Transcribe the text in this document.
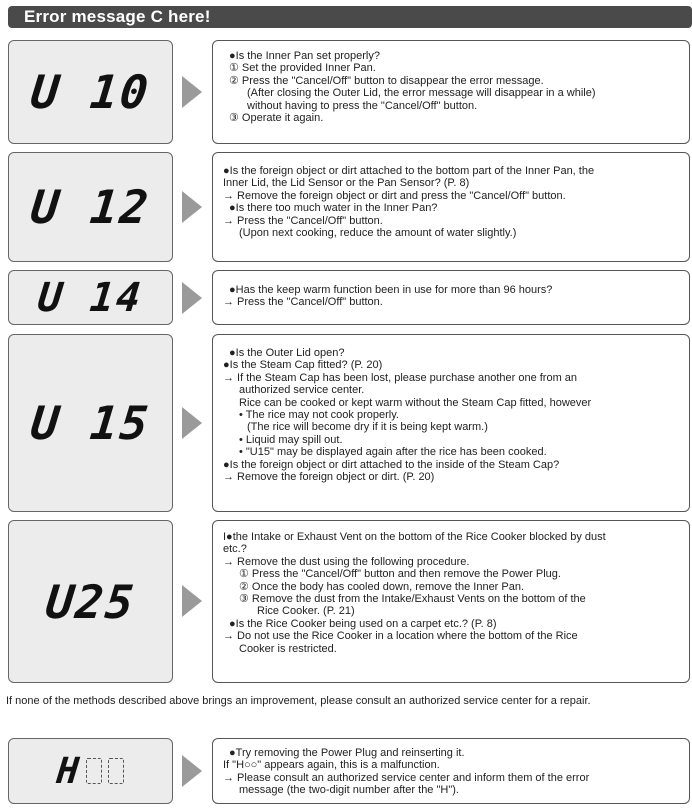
Error message C here!
U 10
●Is the Inner Pan set properly?
① Set the provided Inner Pan.
② Press the "Cancel/Off" button to disappear the error message.
(After closing the Outer Lid, the error message will disappear in a while)
without having to press the "Cancel/Off" button.
③ Operate it again.
U 12
●Is the foreign object or dirt attached to the bottom part of the Inner Pan, the
Inner Lid, the Lid Sensor or the Pan Sensor? (P. 8)
→ Remove the foreign object or dirt and press the "Cancel/Off" button.
●Is there too much water in the Inner Pan?
→ Press the "Cancel/Off" button.
(Upon next cooking, reduce the amount of water slightly.)
U 14	●Has the keep warm function been in use for more than 96 hours?
→ Press the "Cancel/Off" button.
U 15
●Is the Outer Lid open?
●Is the Steam Cap fitted? (P. 20)
→ If the Steam Cap has been lost, please purchase another one from an
authorized service center.
Rice can be cooked or kept warm without the Steam Cap fitted, however
• The rice may not cook properly.
(The rice will become dry if it is being kept warm.)
• Liquid may spill out.
• "U15" may be displayed again after the rice has been cooked.
●Is the foreign object or dirt attached to the inside of the Steam Cap?
→ Remove the foreign object or dirt. (P. 20)
U25
I●the Intake or Exhaust Vent on the bottom of the Rice Cooker blocked by dust
etc.?
→ Remove the dust using the following procedure.
① Press the "Cancel/Off" button and then remove the Power Plug.
② Once the body has cooled down, remove the Inner Pan.
③ Remove the dust from the Intake/Exhaust Vents on the bottom of the
Rice Cooker. (P. 21)
●Is the Rice Cooker being used on a carpet etc.? (P. 8)
→ Do not use the Rice Cooker in a location where the bottom of the Rice
Cooker is restricted.
If none of the methods described above brings an improvement, please consult an authorized service center for a repair.
H	●Try removing the Power Plug and reinserting it.
If "H○○" appears again, this is a malfunction.
→ Please consult an authorized service center and inform them of the error
message (the two-digit number after the "H").
